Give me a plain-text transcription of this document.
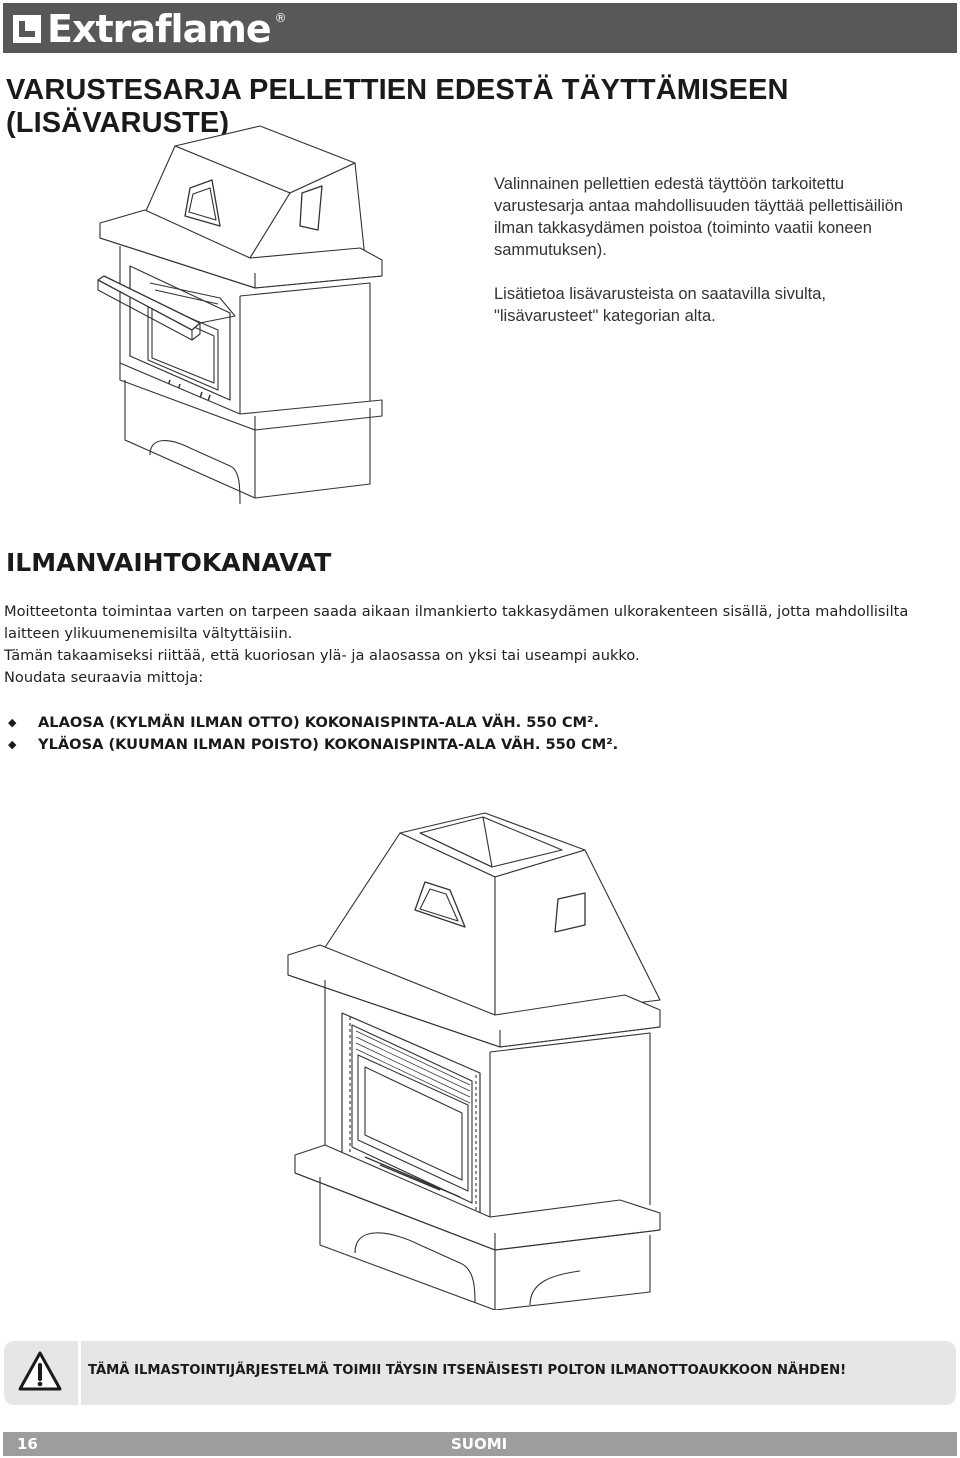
Extraflame ®
VARUSTESARJA PELLETTIEN EDESTÄ TÄYTTÄMISEEN (LISÄVARUSTE)

Valinnainen pellettien edestä täyttöön tarkoitettu varustesarja antaa mahdollisuuden täyttää pellettisäiliön ilman takkasydämen poistoa (toiminto vaatii koneen sammutuksen).

Lisätietoa lisävarusteista on saatavilla sivulta, "lisävarusteet" kategorian alta.

ILMANVAIHTOKANAVAT

Moitteetonta toimintaa varten on tarpeen saada aikaan ilmankierto takkasydämen ulkorakenteen sisällä, jotta mahdollisilta laitteen ylikuumenemisilta vältyttäisiin.

Tämän takaamiseksi riittää, että kuoriosan ylä- ja alaosassa on yksi tai useampi aukko.

Noudata seuraavia mittoja:

◆	ALAOSA (KYLMÄN ILMAN OTTO) KOKONAISPINTA-ALA VÄH. 550 CM².
◆	YLÄOSA (KUUMAN ILMAN POISTO) KOKONAISPINTA-ALA VÄH. 550 CM².
TÄMÄ ILMASTOINTIJÄRJESTELMÄ TOIMII TÄYSIN ITSENÄISESTI POLTON ILMANOTTOAUKKOON NÄHDEN!
16	SUOMI
